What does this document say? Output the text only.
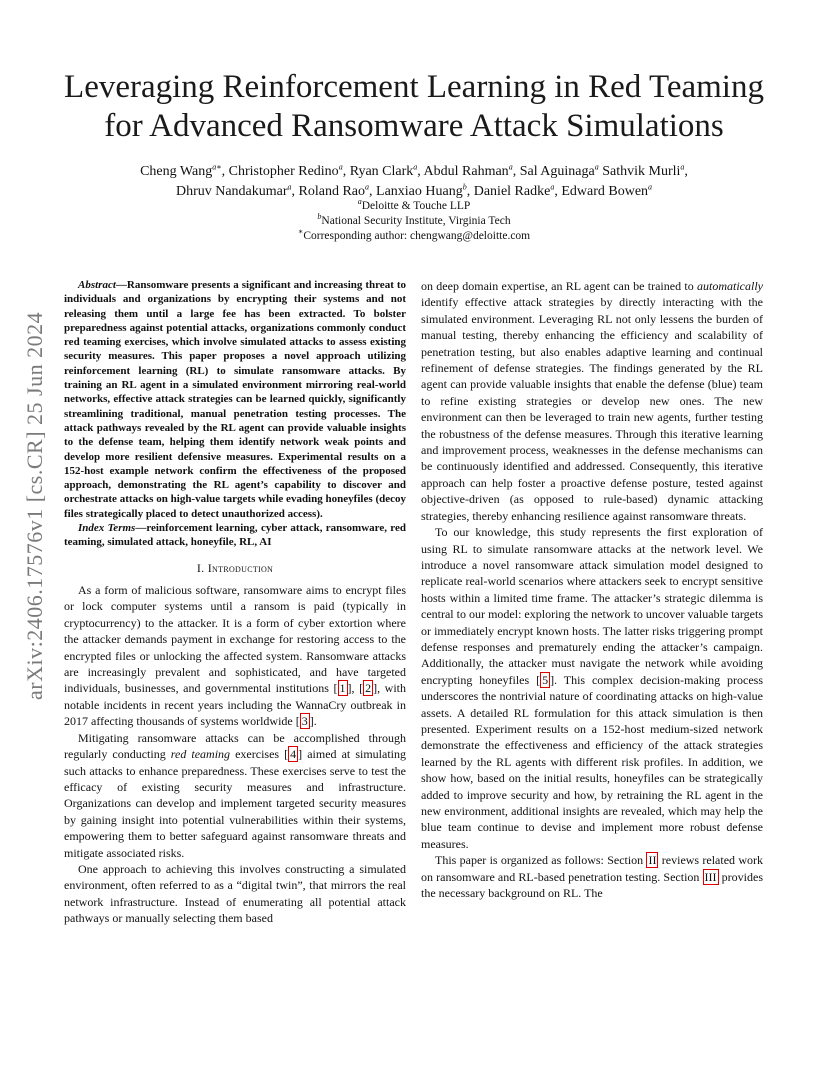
Leveraging Reinforcement Learning in Red Teaming
for Advanced Ransomware Attack Simulations
Cheng Wang$^{a∗}$, Christopher Redino$^a$, Ryan Clark$^a$, Abdul Rahman$^a$, Sal Aguinaga$^a$ Sathvik Murli$^a$,
Dhruv Nandakumar$^a$, Roland Rao$^a$, Lanxiao Huang$^b$, Daniel Radke$^a$, Edward Bowen$^a$
$^a$Deloitte & Touche LLP
$^b$National Security Institute, Virginia Tech
∗Corresponding author: chengwang@deloitte.com
arXiv:2406.17576v1 [cs.CR] 25 Jun 2024

Abstract—Ransomware presents a significant and increasing threat to individuals and organizations by encrypting their systems and not releasing them until a large fee has been extracted. To bolster preparedness against potential attacks, organizations commonly conduct red teaming exercises, which involve simulated attacks to assess existing security measures. This paper proposes a novel approach utilizing reinforcement learning (RL) to simulate ransomware attacks. By training an RL agent in a simulated environment mirroring real-world networks, effective attack strategies can be learned quickly, significantly streamlining traditional, manual penetration testing processes. The attack pathways revealed by the RL agent can provide valuable insights to the defense team, helping them identify network weak points and develop more resilient defensive measures. Experimental results on a 152-host example network confirm the effectiveness of the proposed approach, demonstrating the RL agent’s capability to discover and orchestrate attacks on high-value targets while evading honeyfiles (decoy files strategically placed to detect unauthorized access).

Index Terms—reinforcement learning, cyber attack, ransomware, red teaming, simulated attack, honeyfile, RL, AI

I. Introduction

As a form of malicious software, ransomware aims to encrypt files or lock computer systems until a ransom is paid (typically in cryptocurrency) to the attacker. It is a form of cyber extortion where the attacker demands payment in exchange for restoring access to the encrypted files or unlocking the affected system. Ransomware attacks are increasingly prevalent and sophisticated, and have targeted individuals, businesses, and governmental institutions [ 1 ], [ 2 ], with notable incidents in recent years including the WannaCry outbreak in 2017 affecting thousands of systems worldwide [ 3 ].

Mitigating ransomware attacks can be accomplished through regularly conducting red teaming exercises [ 4 ] aimed at simulating such attacks to enhance preparedness. These exercises serve to test the efficacy of existing security measures and infrastructure. Organizations can develop and implement targeted security measures by gaining insight into potential vulnerabilities within their systems, empowering them to better safeguard against ransomware threats and mitigate associated risks.

One approach to achieving this involves constructing a simulated environment, often referred to as a “digital twin”, that mirrors the real network infrastructure. Instead of enumerating all potential attack pathways or manually selecting them based

on deep domain expertise, an RL agent can be trained to automatically identify effective attack strategies by directly interacting with the simulated environment. Leveraging RL not only lessens the burden of manual testing, thereby enhancing the efficiency and scalability of penetration testing, but also enables adaptive learning and continual refinement of defense strategies. The findings generated by the RL agent can provide valuable insights that enable the defense (blue) team to refine existing strategies or develop new ones. The new environment can then be leveraged to train new agents, further testing the robustness of the defense measures. Through this iterative learning and improvement process, weaknesses in the defense mechanisms can be continuously identified and addressed. Consequently, this iterative approach can help foster a proactive defense posture, tested against objective-driven (as opposed to rule-based) dynamic attacking strategies, thereby enhancing resilience against ransomware threats.

To our knowledge, this study represents the first exploration of using RL to simulate ransomware attacks at the network level. We introduce a novel ransomware attack simulation model designed to replicate real-world scenarios where attackers seek to encrypt sensitive hosts within a limited time frame. The attacker’s strategic dilemma is central to our model: exploring the network to uncover valuable targets or immediately encrypt known hosts. The latter risks triggering prompt defense responses and prematurely ending the attacker’s campaign. Additionally, the attacker must navigate the network while avoiding encrypting honeyfiles [ 5 ]. This complex decision-making process underscores the nontrivial nature of coordinating attacks on high-value assets. A detailed RL formulation for this attack simulation is then presented. Experiment results on a 152-host medium-sized network demonstrate the effectiveness and efficiency of the attack strategies learned by the RL agents with different risk profiles. In addition, we show how, based on the initial results, honeyfiles can be strategically added to improve security and how, by retraining the RL agent in the new environment, additional insights are revealed, which may help the blue team continue to devise and implement more robust defense measures.

This paper is organized as follows: Section II reviews related work on ransomware and RL-based penetration testing. Section III provides the necessary background on RL. The
